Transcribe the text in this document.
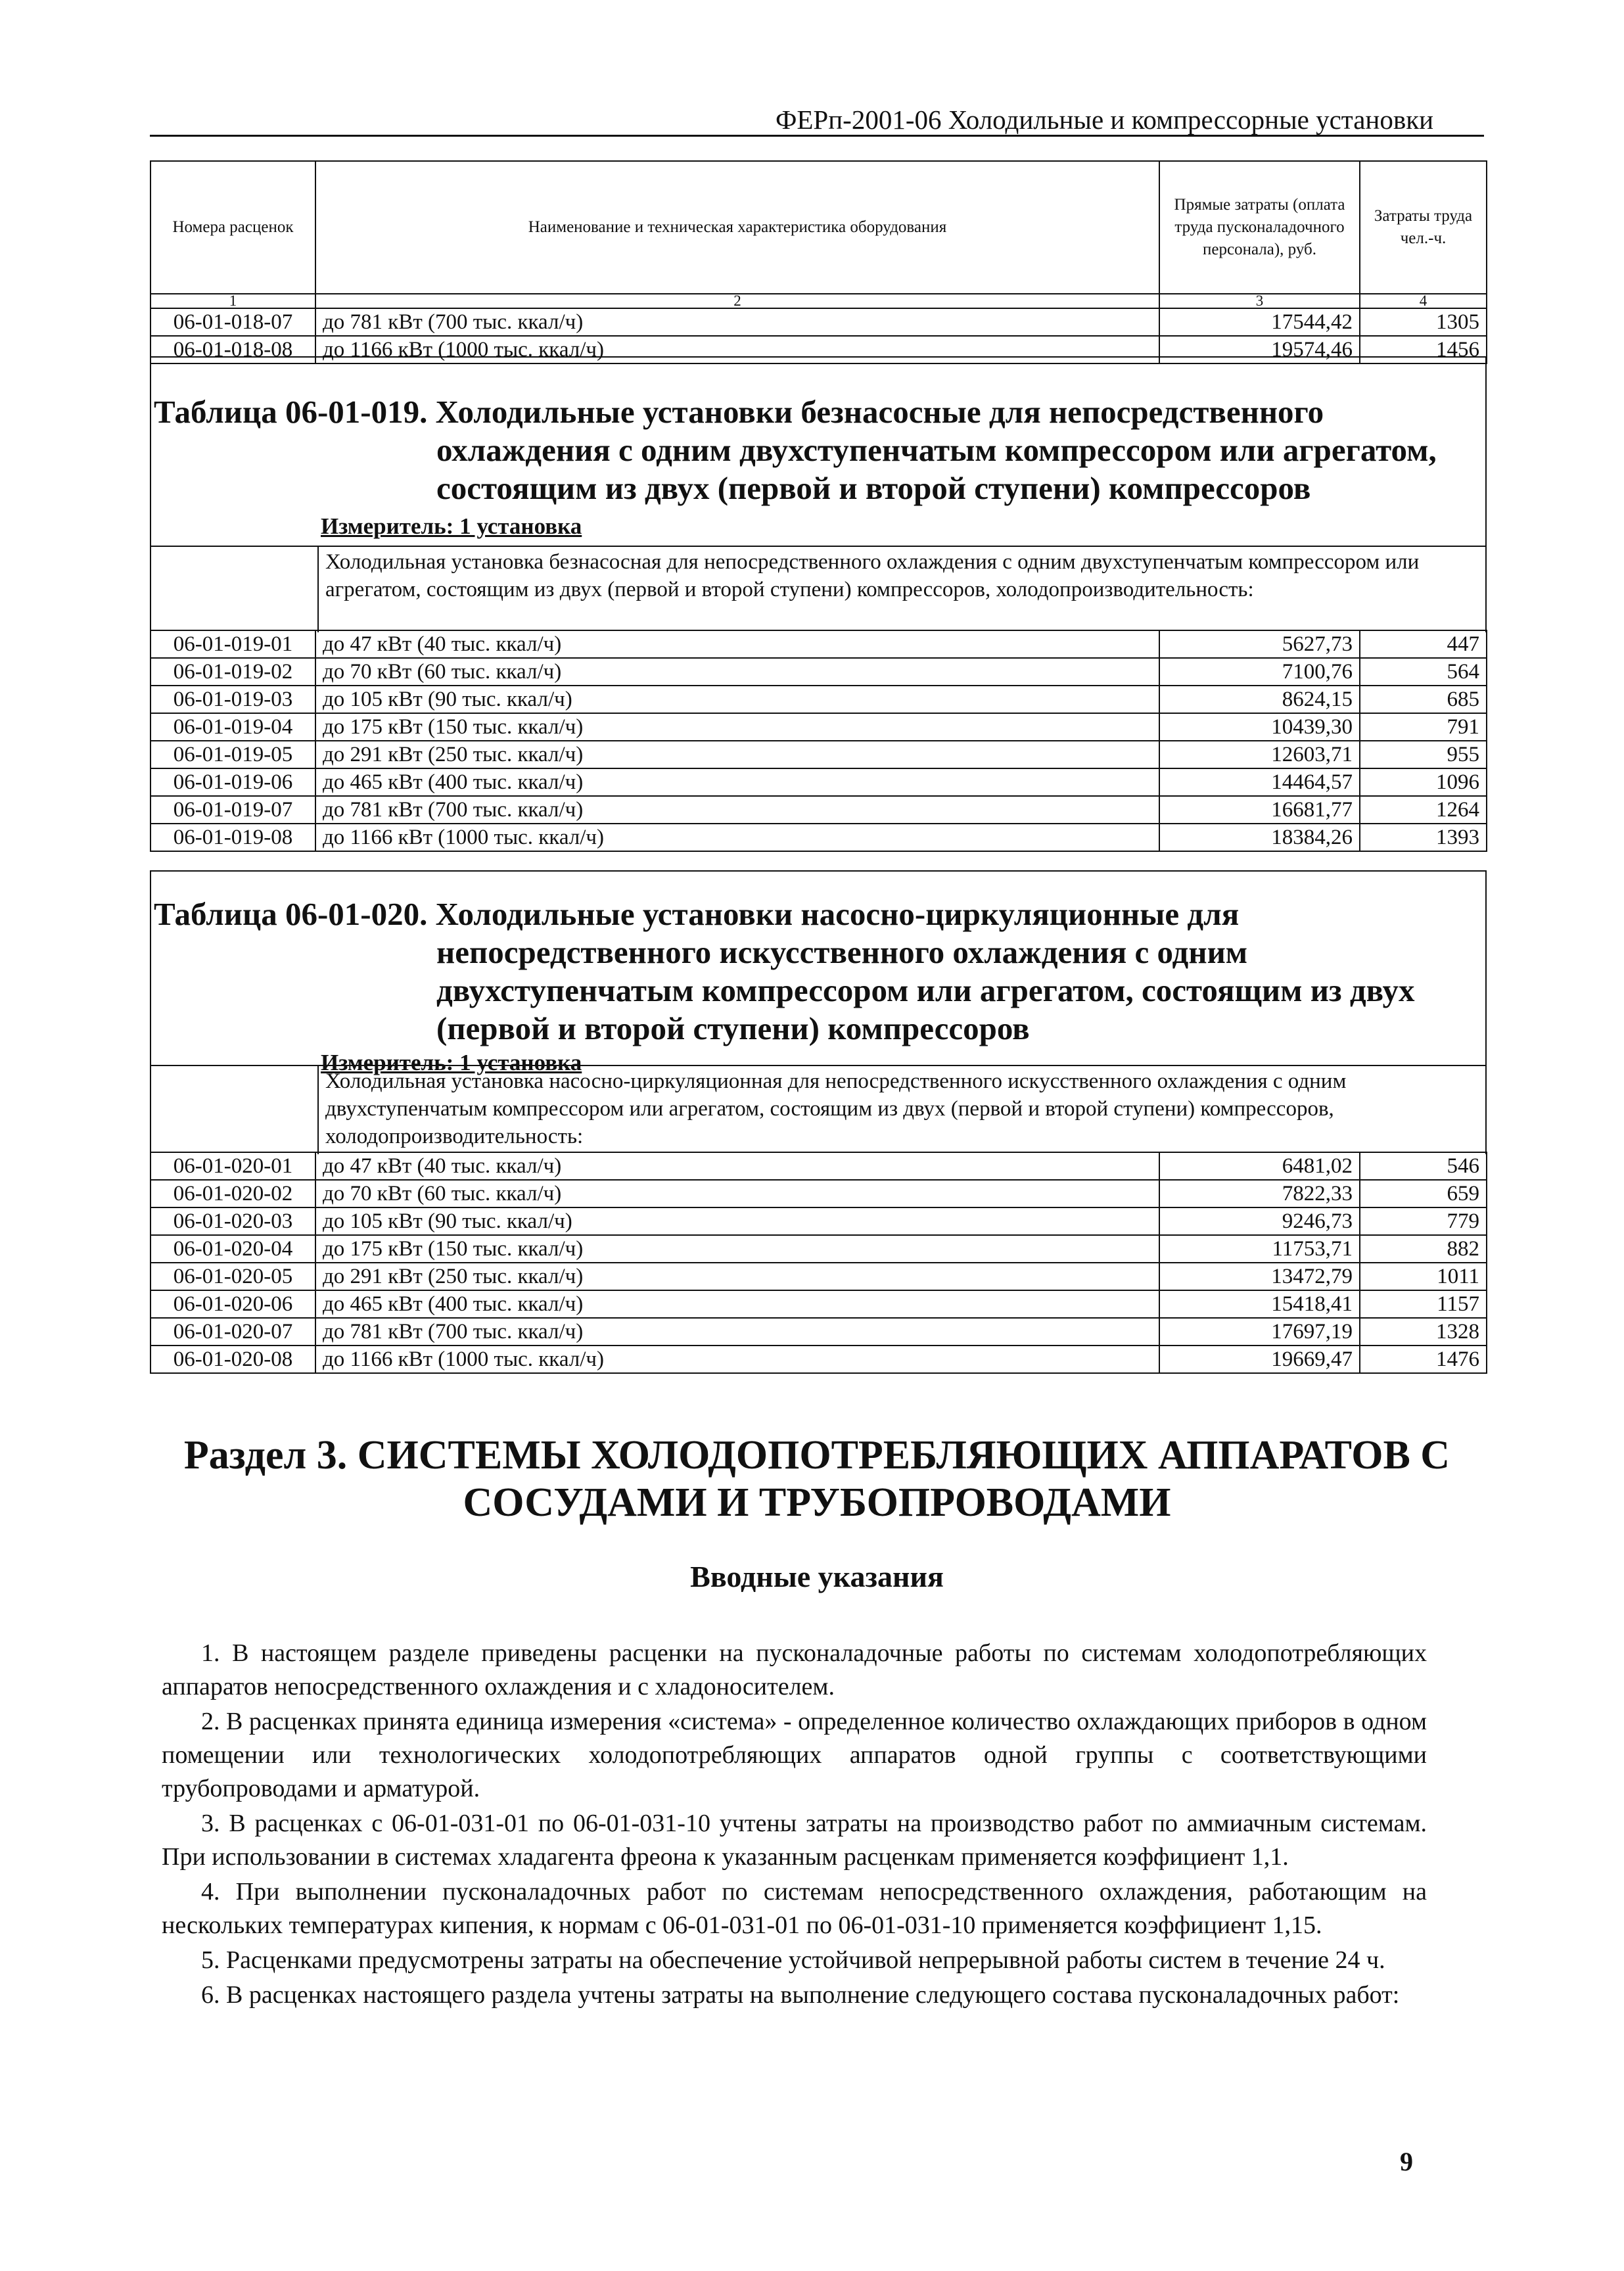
ФЕРп-2001-06 Холодильные и компрессорные установки
Номера расценок	Наименование и техническая характеристика оборудования	Прямые затраты (оплата труда пусконаладочного персонала), руб.	Затраты труда чел.-ч.
1	2	3	4
06-01-018-07	до 781 кВт (700 тыс. ккал/ч)	17544,42	1305
06-01-018-08	до 1166 кВт (1000 тыс. ккал/ч)	19574,46	1456
Таблица 06-01-019. Холодильные установки безнасосные для непосредственного
охлаждения с одним двухступенчатым компрессором или агрегатом,
состоящим из двух (первой и второй ступени) компрессоров
Измеритель: 1 установка
Холодильная установка безнасосная для непосредственного охлаждения с одним двухступенчатым компрессором или агрегатом, состоящим из двух (первой и второй ступени) компрессоров, холодопроизводительность:
06-01-019-01	до 47 кВт (40 тыс. ккал/ч)	5627,73	447
06-01-019-02	до 70 кВт (60 тыс. ккал/ч)	7100,76	564
06-01-019-03	до 105 кВт (90 тыс. ккал/ч)	8624,15	685
06-01-019-04	до 175 кВт (150 тыс. ккал/ч)	10439,30	791
06-01-019-05	до 291 кВт (250 тыс. ккал/ч)	12603,71	955
06-01-019-06	до 465 кВт (400 тыс. ккал/ч)	14464,57	1096
06-01-019-07	до 781 кВт (700 тыс. ккал/ч)	16681,77	1264
06-01-019-08	до 1166 кВт (1000 тыс. ккал/ч)	18384,26	1393
Таблица 06-01-020. Холодильные установки насосно-циркуляционные для
непосредственного искусственного охлаждения с одним
двухступенчатым компрессором или агрегатом, состоящим из двух
(первой и второй ступени) компрессоров
Измеритель: 1 установка
Холодильная установка насосно-циркуляционная для непосредственного искусственного охлаждения с одним двухступенчатым компрессором или агрегатом, состоящим из двух (первой и второй ступени) компрессоров, холодопроизводительность:
06-01-020-01	до 47 кВт (40 тыс. ккал/ч)	6481,02	546
06-01-020-02	до 70 кВт (60 тыс. ккал/ч)	7822,33	659
06-01-020-03	до 105 кВт (90 тыс. ккал/ч)	9246,73	779
06-01-020-04	до 175 кВт (150 тыс. ккал/ч)	11753,71	882
06-01-020-05	до 291 кВт (250 тыс. ккал/ч)	13472,79	1011
06-01-020-06	до 465 кВт (400 тыс. ккал/ч)	15418,41	1157
06-01-020-07	до 781 кВт (700 тыс. ккал/ч)	17697,19	1328
06-01-020-08	до 1166 кВт (1000 тыс. ккал/ч)	19669,47	1476
Раздел 3. СИСТЕМЫ ХОЛОДОПОТРЕБЛЯЮЩИХ АППАРАТОВ С
СОСУДАМИ И ТРУБОПРОВОДАМИ
Вводные указания

1. В настоящем разделе приведены расценки на пусконаладочные работы по системам холодопотребляющих аппаратов непосредственного охлаждения и с хладоносителем.

2. В расценках принята единица измерения «система» - определенное количество охлаждающих приборов в одном помещении или технологических холодопотребляющих аппаратов одной группы с соответствующими трубопроводами и арматурой.

3. В расценках с 06-01-031-01 по 06-01-031-10 учтены затраты на производство работ по аммиачным системам. При использовании в системах хладагента фреона к указанным расценкам применяется коэффициент 1,1.

4. При выполнении пусконаладочных работ по системам непосредственного охлаждения, работающим на нескольких температурах кипения, к нормам с 06-01-031-01 по 06-01-031-10 применяется коэффициент 1,15.

5. Расценками предусмотрены затраты на обеспечение устойчивой непрерывной работы систем в течение 24 ч.

6. В расценках настоящего раздела учтены затраты на выполнение следующего состава пусконаладочных работ:

9
